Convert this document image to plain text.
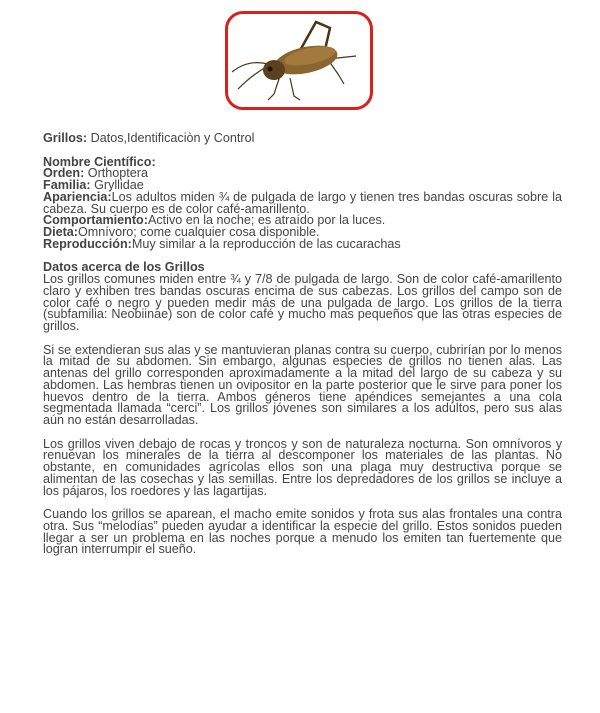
Grillos: Datos,Identificaciòn y Control

Nombre Científico:
Orden: Orthoptera
Familia: Gryllidae
Apariencia:Los adultos miden ¾ de pulgada de largo y tienen tres bandas oscuras sobre la cabeza. Su cuerpo es de color café-amarillento.
Comportamiento:Activo en la noche; es atraído por la luces.
Dieta:Omnívoro; come cualquier cosa disponible.
Reproducción:Muy similar a la reproducción de las cucarachas

Datos acerca de los Grillos
Los grillos comunes miden entre ¾ y 7/8 de pulgada de largo. Son de color café-amarillento claro y exhiben tres bandas oscuras encima de sus cabezas. Los grillos del campo son de color café o negro y pueden medir más de una pulgada de largo. Los grillos de la tierra (subfamilia: Neobiinae) son de color café y mucho mas pequeños que las otras especies de grillos.

Si se extendieran sus alas y se mantuvieran planas contra su cuerpo, cubrirían por lo menos la mitad de su abdomen. Sin embargo, algunas especies de grillos no tienen alas. Las antenas del grillo corresponden aproximadamente a la mitad del largo de su cabeza y su abdomen. Las hembras tienen un ovipositor en la parte posterior que le sirve para poner los huevos dentro de la tierra. Ambos géneros tiene apéndices semejantes a una cola segmentada llamada “cerci”. Los grillos jóvenes son similares a los adultos, pero sus alas aún no están desarrolladas.

Los grillos viven debajo de rocas y troncos y son de naturaleza nocturna. Son omnívoros y renuevan los minerales de la tierra al descomponer los materiales de las plantas. No obstante, en comunidades agrícolas ellos son una plaga muy destructiva porque se alimentan de las cosechas y las semillas. Entre los depredadores de los grillos se incluye a los pájaros, los roedores y las lagartijas.

Cuando los grillos se aparean, el macho emite sonidos y frota sus alas frontales una contra otra. Sus “melodías” pueden ayudar a identificar la especie del grillo. Estos sonidos pueden llegar a ser un problema en las noches porque a menudo los emiten tan fuertemente que logran interrumpir el sueño.
